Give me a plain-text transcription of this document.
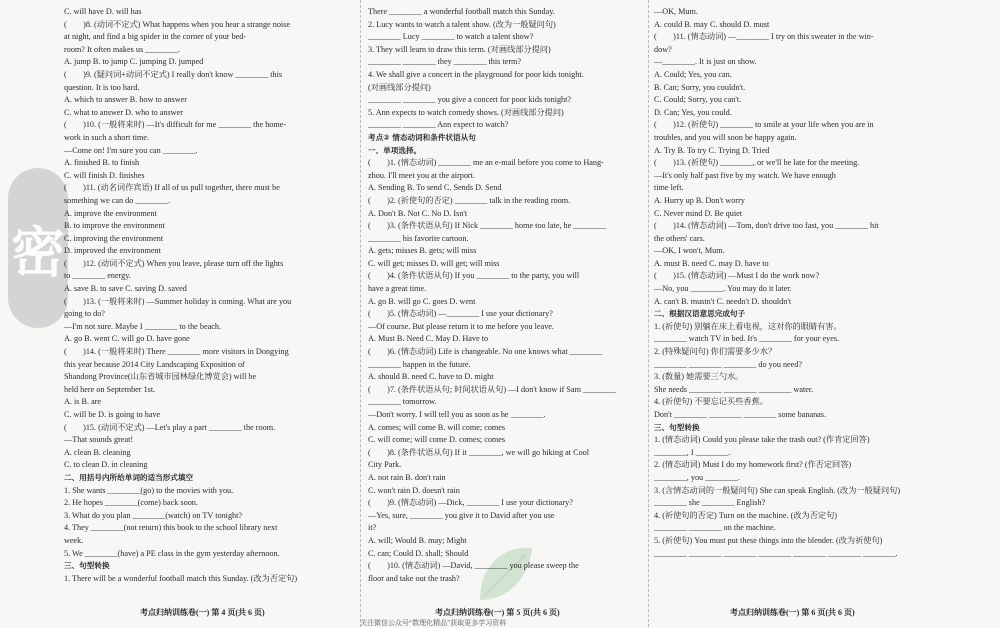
密
C. will have D. will has
(　　)8. (动词不定式) What happens when you hear a strange noise
at night, and find a big spider in the corner of your bed-
room? It often makes us ________.
A. jump B. to jump C. jumping D. jumped
(　　)9. (疑问词+动词不定式) I really don't know ________ this
question. It is too hard.
A. which to answer B. how to answer
C. what to answer D. who to answer
(　　)10. (一般将来时) —It's difficult for me ________ the home-
work in such a short time.
—Come on! I'm sure you can ________.
A. finished B. to finish
C. will finish D. finishes
(　　)11. (动名词作宾语) If all of us pull together, there must be
something we can do ________.
A. improve the environment
B. to improve the environment
C. improving the environment
D. improved the environment
(　　)12. (动词不定式) When you leave, please turn off the lights
to ________ energy.
A. save B. to save C. saving D. saved
(　　)13. (一般将来时) —Summer holiday is coming. What are you
going to do?
—I'm not sure. Maybe I ________ to the beach.
A. go B. went C. will go D. have gone
(　　)14. (一般将来时) There ________ more visitors in Dongying
this year because 2014 City Landscaping Exposition of
Shandong Province(山东省城市园林绿化博览会) will be
held here on September 1st.
A. is B. are
C. will be D. is going to have
(　　)15. (动词不定式) —Let's play a part ________ the room.
—That sounds great!
A. clean B. cleaning
C. to clean D. in cleaning
二、用括号内所给单词的适当形式填空
1. She wants ________(go) to the movies with you.
2. He hopes ________(come) back soon.
3. What do you plan ________(watch) on TV tonight?
4. They ________(not return) this book to the school library next
week.
5. We ________(have) a PE class in the gym yesterday afternoon.
三、句型转换
1. There will be a wonderful football match this Sunday. (改为否定句)
There ________ a wonderful football match this Sunday.
2. Lucy wants to watch a talent show. (改为一般疑问句)
________ Lucy ________ to watch a talent show?
3. They will learn to draw this term. (对画线部分提问)
________ ________ they ________ this term?
4. We shall give a concert in the playground for poor kids tonight.
(对画线部分提问)
________ ________ you give a concert for poor kids tonight?
5. Ann expects to watch comedy shows. (对画线部分提问)
________ ________ Ann expect to watch?
考点② 情态动词和条件状语从句
一、单项选择。
(　　)1. (情态动词) ________ me an e-mail before you come to Hang-
zhou. I'll meet you at the airport.
A. Sending B. To send C. Sends D. Send
(　　)2. (祈使句的否定) ________ talk in the reading room.
A. Don't B. Not C. No D. Isn't
(　　)3. (条件状语从句) If Nick ________ home too late, he ________
________ his favorite cartoon.
A. gets; misses B. gets; will miss
C. will get; misses D. will get; will miss
(　　)4. (条件状语从句) If you ________ to the party, you will
have a great time.
A. go B. will go C. goes D. went
(　　)5. (情态动词) —________ I use your dictionary?
—Of course. But please return it to me before you leave.
A. Must B. Need C. May D. Have to
(　　)6. (情态动词) Life is changeable. No one knows what ________
________ happen in the future.
A. should B. need C. have to D. might
(　　)7. (条件状语从句; 时间状语从句) —I don't know if Sam ________
________ tomorrow.
—Don't worry. I will tell you as soon as he ________.
A. comes; will come B. will come; comes
C. will come; will come D. comes; comes
(　　)8. (条件状语从句) If it ________, we will go hiking at Cool
City Park.
A. not rain B. don't rain
C. won't rain D. doesn't rain
(　　)9. (情态动词) —Dick, ________ I use your dictionary?
—Yes, sure, ________ you give it to David after you use
it?
A. will; Would B. may; Might
C. can; Could D. shall; Should
(　　)10. (情态动词) —David, ________ you please sweep the
floor and take out the trash?
—OK, Mum.
A. could B. may C. should D. must
(　　)11. (情态动词) —________ I try on this sweater in the win-
dow?
—________. It is just on show.
A. Could; Yes, you can.
B. Can; Sorry, you couldn't.
C. Could; Sorry, you can't.
D. Can; Yes, you could.
(　　)12. (祈使句) ________ to smile at your life when you are in
troubles, and you will soon be happy again.
A. Try B. To try C. Trying D. Tried
(　　)13. (祈使句) ________, or we'll be late for the meeting.
—It's only half past five by my watch. We have enough
time left.
A. Hurry up B. Don't worry
C. Never mind D. Be quiet
(　　)14. (情态动词) —Tom, don't drive too fast, you ________ hit
the others' cars.
—OK, I won't, Mum.
A. must B. need C. may D. have to
(　　)15. (情态动词) —Must I do the work now?
—No, you ________. You may do it later.
A. can't B. mustn't C. needn't D. shouldn't
二、根据汉语意思完成句子
1. (祈使句) 别躺在床上看电视，这对你的眼睛有害。
________ watch TV in bed. It's ________ for your eyes.
2. (特殊疑问句) 你们需要多少水？
________ ________ ________ do you need?
3. (数量) 她需要三勺水。
She needs ________ ________ ________ water.
4. (祈使句) 不要忘记买些香蕉。
Don't ________ ________ ________ some bananas.
三、句型转换
1. (情态动词) Could you please take the trash out? (作肯定回答)
________, I ________.
2. (情态动词) Must I do my homework first? (作否定回答)
________, you ________.
3. (含情态动词的一般疑问句) She can speak English. (改为一般疑问句)
________ she ________ English?
4. (祈使句的否定) Turn on the machine. (改为否定句)
________ ________ on the machine.
5. (祈使句) You must put these things into the blender. (改为祈使句)
________ ________ ________ ________ ________ ________ ________.
考点归纳训练卷(一) 第 4 页(共 6 页)	考点归纳训练卷(一) 第 5 页(共 6 页)	考点归纳训练卷(一) 第 6 页(共 6 页)
关注微信公众号“数理化精品”获取更多学习资料
